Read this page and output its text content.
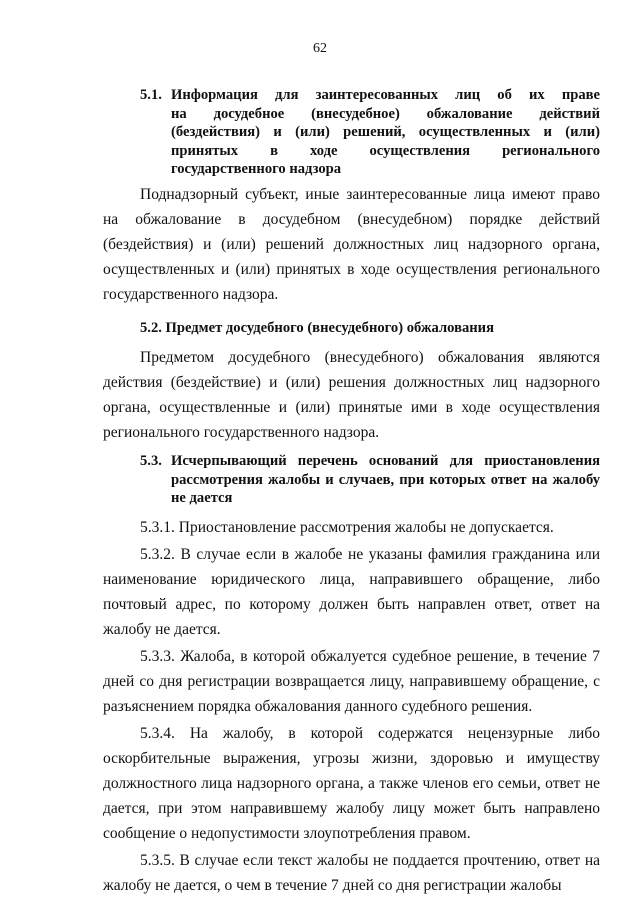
62
5.1. Информация для заинтересованных лиц об их праве
на досудебное (внесудебное) обжалование действий
(бездействия) и (или) решений, осуществленных и (или)
принятых в ходе осуществления регионального
государственного надзора

Поднадзорный субъект, иные заинтересованные лица имеют право на обжалование в досудебном (внесудебном) порядке действий (бездействия) и (или) решений должностных лиц надзорного органа, осуществленных и (или) принятых в ходе осуществления регионального государственного надзора.

5.2. Предмет досудебного (внесудебного) обжалования

Предметом досудебного (внесудебного) обжалования являются действия (бездействие) и (или) решения должностных лиц надзорного органа, осуществленные и (или) принятые ими в ходе осуществления регионального государственного надзора.

5.3. Исчерпывающий перечень оснований для приостановления
рассмотрения жалобы и случаев, при которых ответ на жалобу
не дается

5.3.1. Приостановление рассмотрения жалобы не допускается.

5.3.2. В случае если в жалобе не указаны фамилия гражданина или наименование юридического лица, направившего обращение, либо почтовый адрес, по которому должен быть направлен ответ, ответ на жалобу не дается.

5.3.3. Жалоба, в которой обжалуется судебное решение, в течение 7 дней со дня регистрации возвращается лицу, направившему обращение, с разъяснением порядка обжалования данного судебного решения.

5.3.4. На жалобу, в которой содержатся нецензурные либо оскорбительные выражения, угрозы жизни, здоровью и имуществу должностного лица надзорного органа, а также членов его семьи, ответ не дается, при этом направившему жалобу лицу может быть направлено сообщение о недопустимости злоупотребления правом.

5.3.5. В случае если текст жалобы не поддается прочтению, ответ на жалобу не дается, о чем в течение 7 дней со дня регистрации жалобы
